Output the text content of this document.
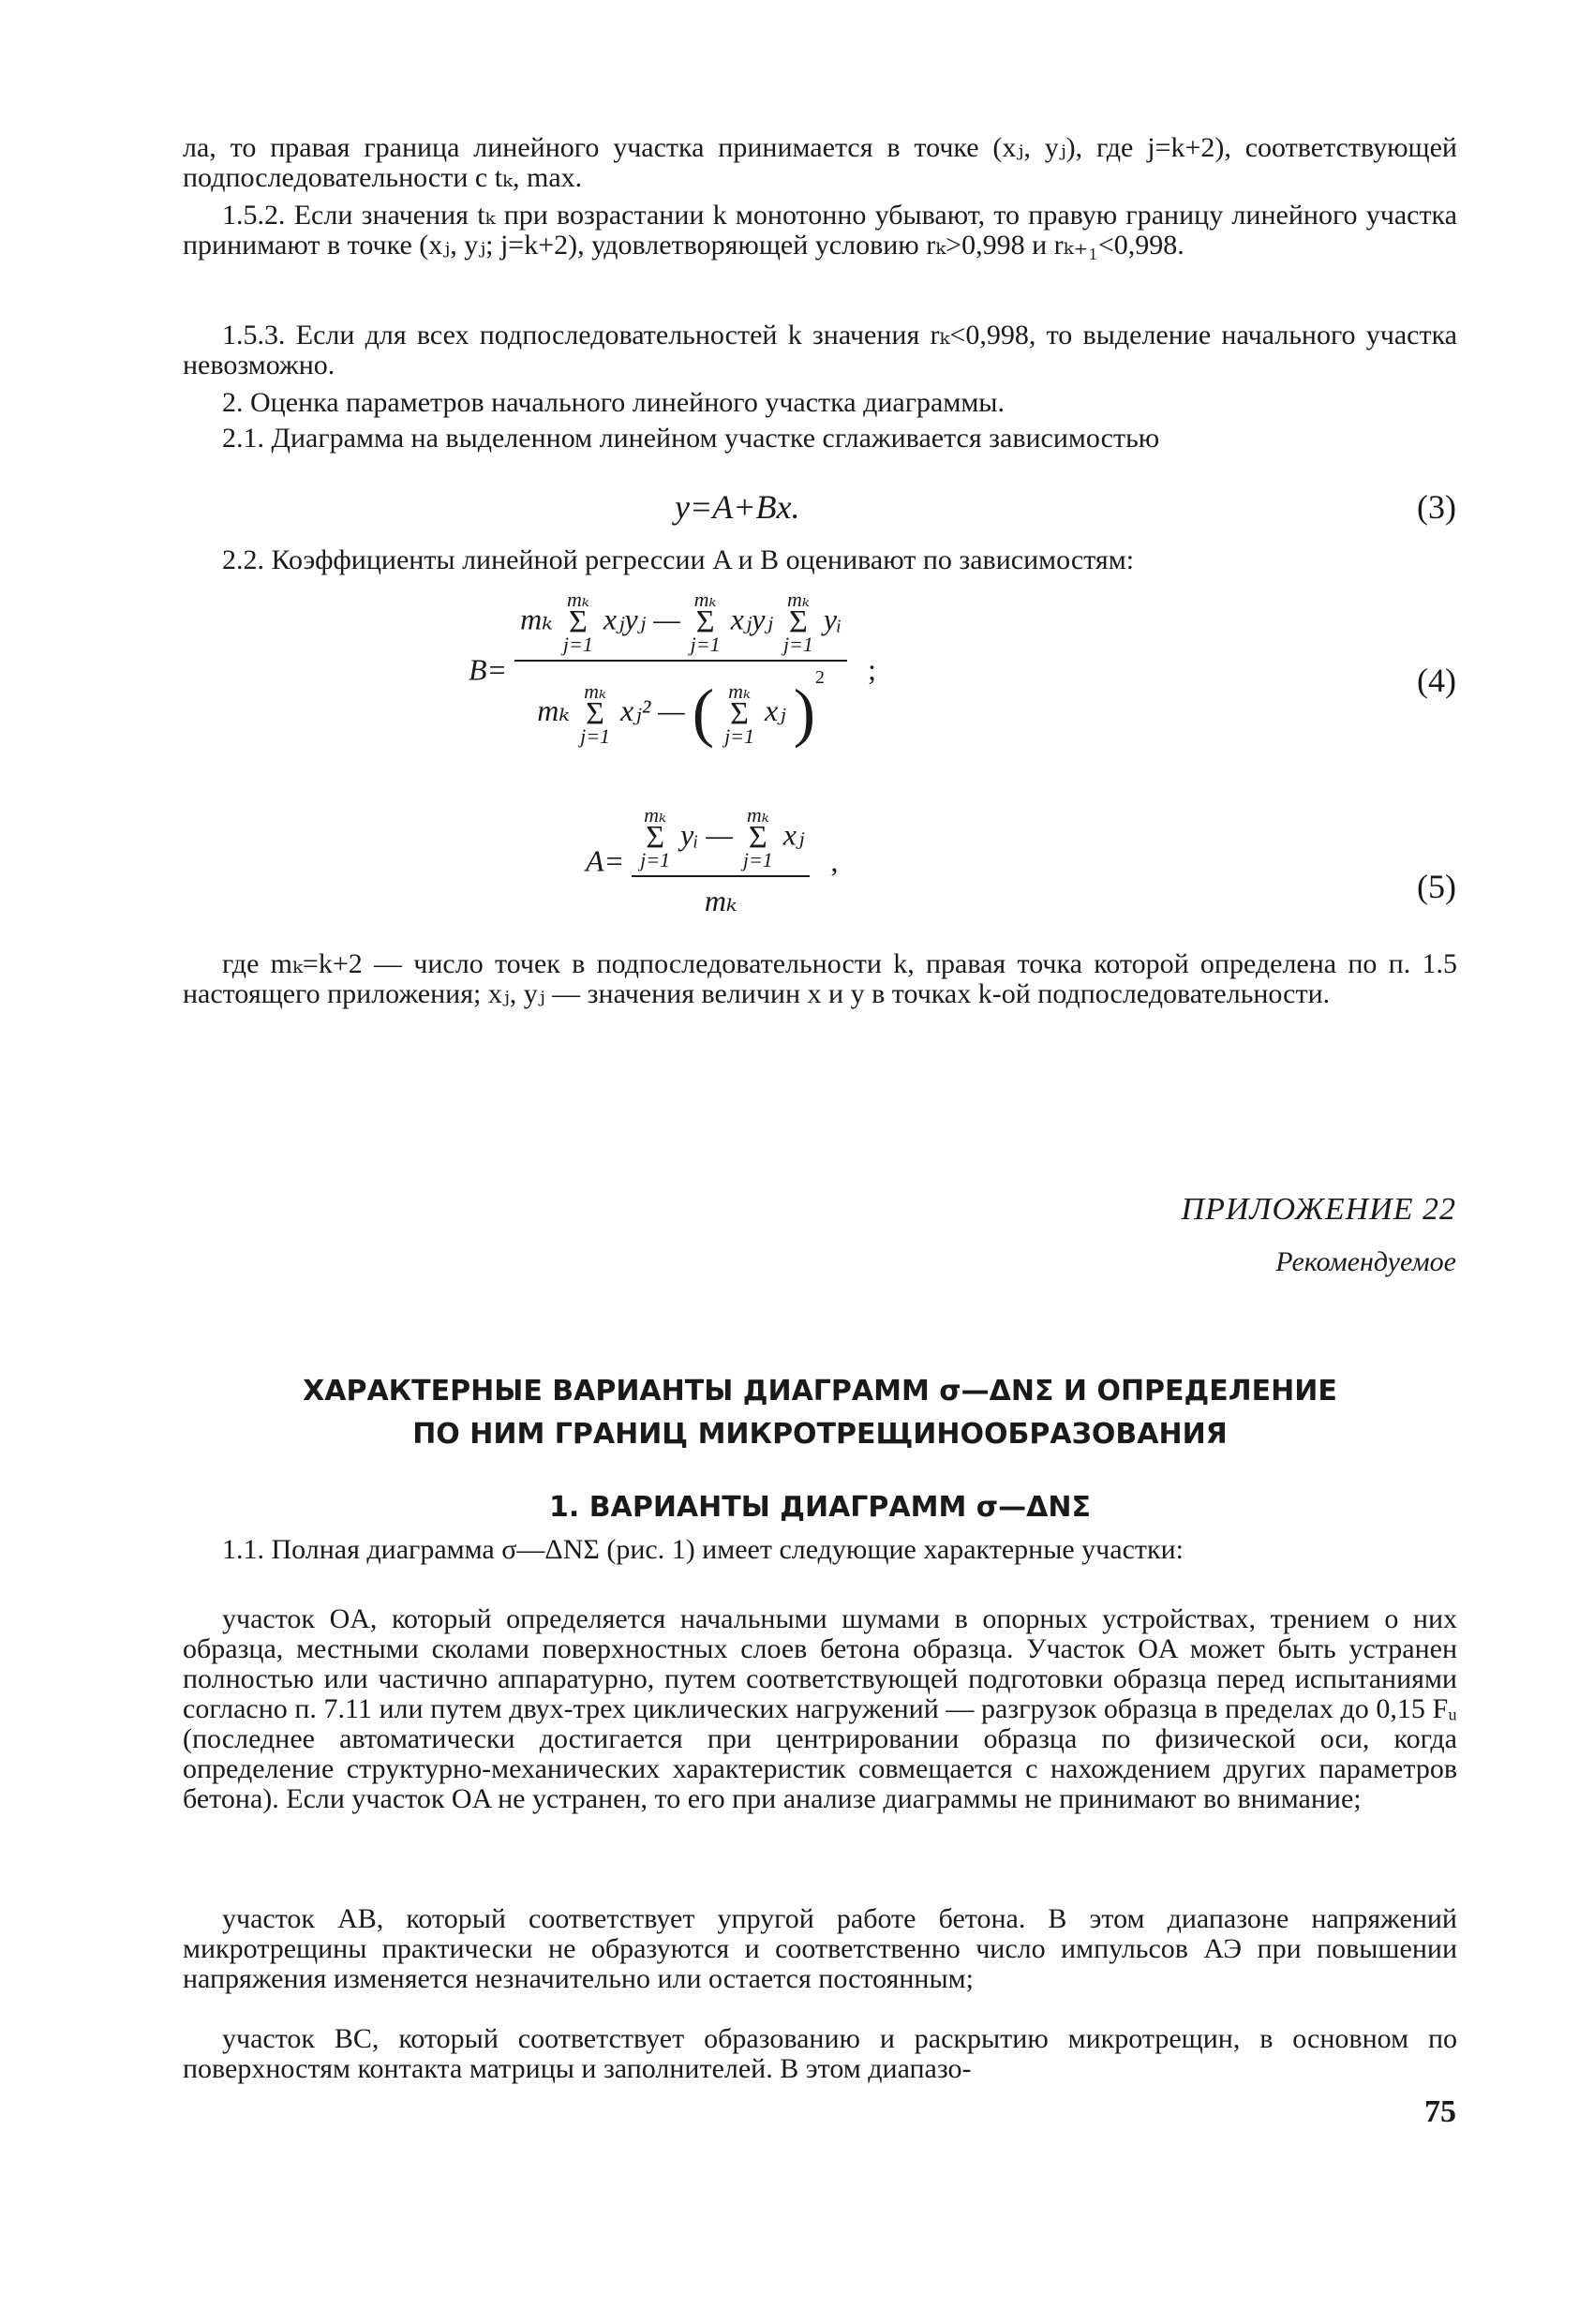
ла, то правая граница линейного участка принимается в точке (xⱼ, yⱼ), где j=k+2), соответствующей подпоследовательности с tₖ, max.
1.5.2. Если значения tₖ при возрастании k монотонно убывают, то правую границу линейного участка принимают в точке (xⱼ, yⱼ; j=k+2), удовлетворяющей условию rₖ>0,998 и rₖ₊₁<0,998.
1.5.3. Если для всех подпоследовательностей k значения rₖ<0,998, то выделение начального участка невозможно.
2. Оценка параметров начального линейного участка диаграммы.
2.1. Диаграмма на выделенном линейном участке сглаживается зависимостью
y=A+Bx.	(3)
2.2. Коэффициенты линейной регрессии A и B оценивают по зависимостям:
B=
mₖ
mₖ
Σ
j=1
xⱼyⱼ —
mₖ
Σ
j=1
xⱼyⱼ
mₖ
Σ
j=1
yᵢ
mₖ
mₖ
Σ
j=1
xⱼ² — ( mₖ
Σ
j=1
xⱼ )$^2$	;	(4)
A= mₖ
Σ
j=1
yᵢ —
mₖ
Σ
j=1
xⱼ
mₖ ,
(5)
где mₖ=k+2 — число точек в подпоследовательности k, правая точка которой определена по п. 1.5 настоящего приложения; xⱼ, yⱼ — значения величин x и y в точках k-ой подпоследовательности.
ПРИЛОЖЕНИЕ 22
Рекомендуемое
ХАРАКТЕРНЫЕ ВАРИАНТЫ ДИАГРАММ σ—ΔNΣ И ОПРЕДЕЛЕНИЕ
ПО НИМ ГРАНИЦ МИКРОТРЕЩИНООБРАЗОВАНИЯ
1. ВАРИАНТЫ ДИАГРАММ σ—ΔNΣ
1.1. Полная диаграмма σ—ΔNΣ (рис. 1) имеет следующие характерные участки:
участок OA, который определяется начальными шумами в опорных устройствах, трением о них образца, местными сколами поверхностных слоев бетона образца. Участок OA может быть устранен полностью или частично аппаратурно, путем соответствующей подготовки образца перед испытаниями согласно п. 7.11 или путем двух-трех циклических нагружений — разгрузок образца в пределах до 0,15 Fᵤ (последнее автоматически достигается при центрировании образца по физической оси, когда определение структурно-механических характеристик совмещается с нахождением других параметров бетона). Если участок OA не устранен, то его при анализе диаграммы не принимают во внимание;
участок AB, который соответствует упругой работе бетона. В этом диапазоне напряжений микротрещины практически не образуются и соответственно число импульсов АЭ при повышении напряжения изменяется незначительно или остается постоянным;
участок BC, который соответствует образованию и раскрытию микротрещин, в основном по поверхностям контакта матрицы и заполнителей. В этом диапазо-
75
